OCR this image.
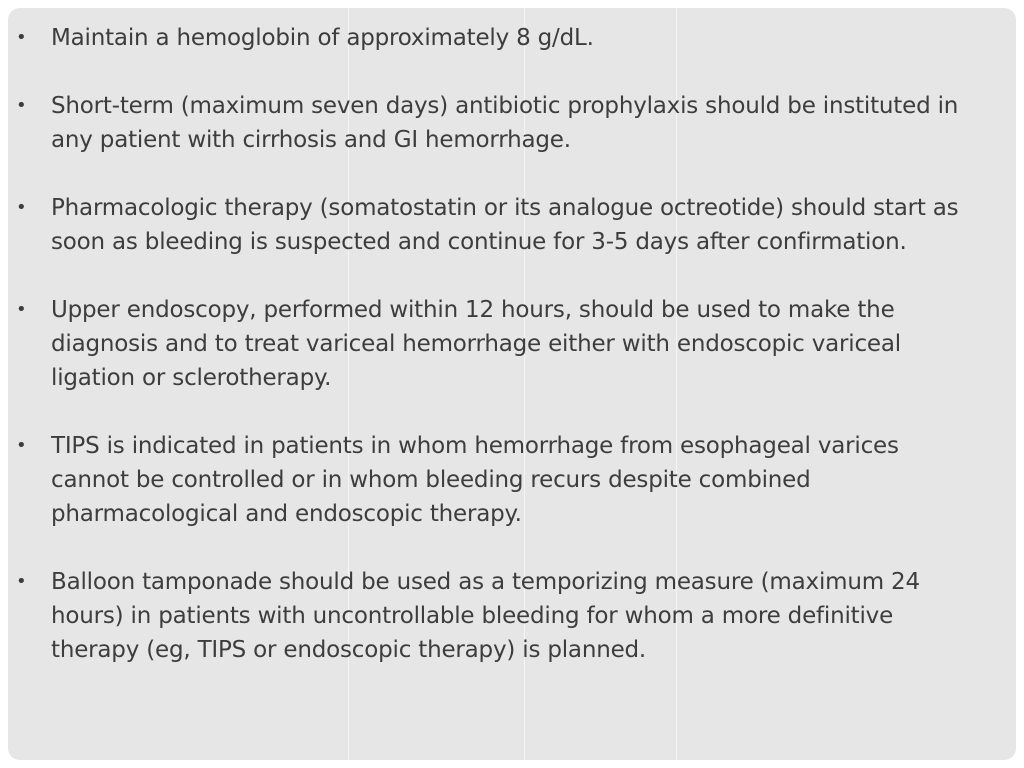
• Maintain a hemoglobin of approximately 8 g/dL.
• Short-term (maximum seven days) antibiotic prophylaxis should be instituted in any patient with cirrhosis and GI hemorrhage.
• Pharmacologic therapy (somatostatin or its analogue octreotide) should start as soon as bleeding is suspected and continue for 3-5 days after confirmation.
• Upper endoscopy, performed within 12 hours, should be used to make the diagnosis and to treat variceal hemorrhage either with endoscopic variceal ligation or sclerotherapy.
• TIPS is indicated in patients in whom hemorrhage from esophageal varices cannot be controlled or in whom bleeding recurs despite combined pharmacological and endoscopic therapy.
• Balloon tamponade should be used as a temporizing measure (maximum 24 hours) in patients with uncontrollable bleeding for whom a more definitive therapy (eg, TIPS or endoscopic therapy) is planned.
